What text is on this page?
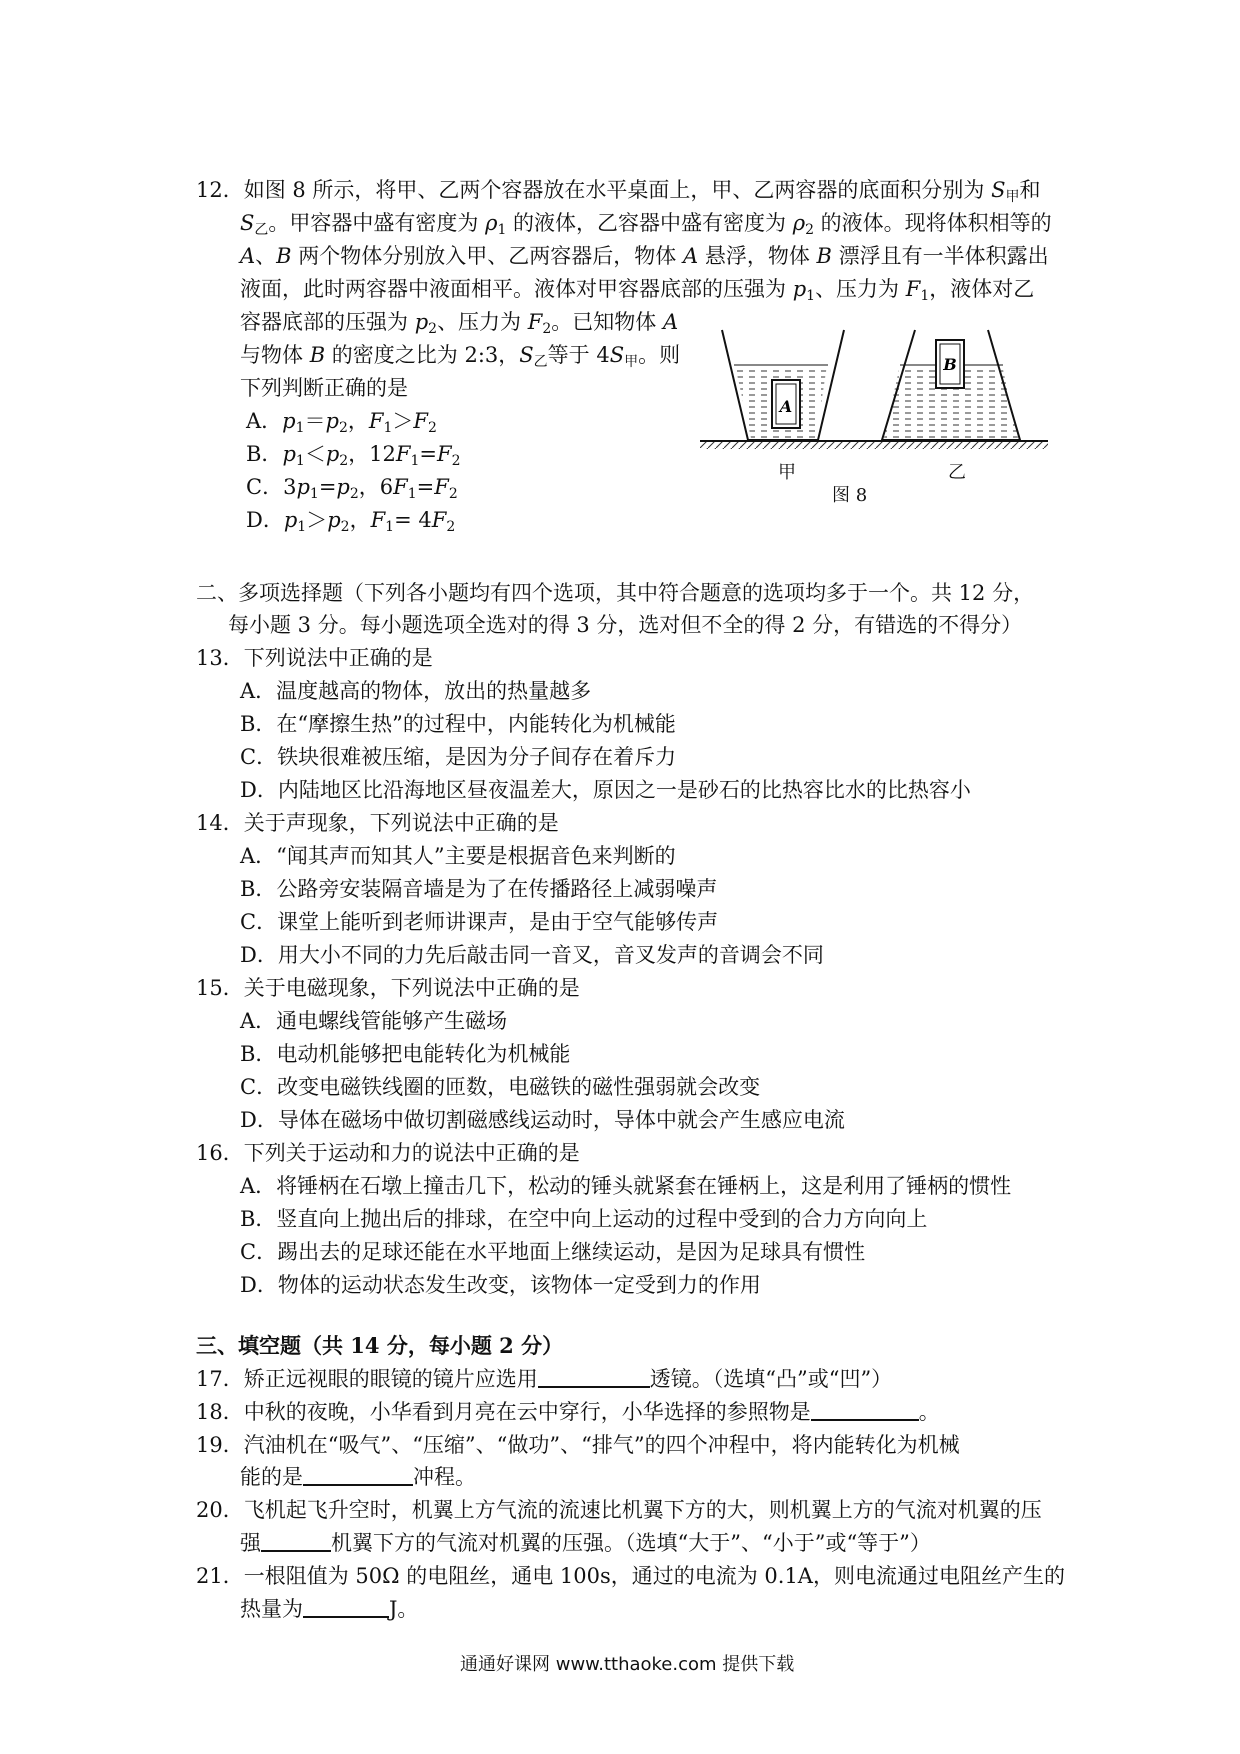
12．如图 8 所示，将甲、乙两个容器放在水平桌面上，甲、乙两容器的底面积分别为 $S_甲$和
$S_乙$。甲容器中盛有密度为 $\rho_1$ 的液体，乙容器中盛有密度为 $\rho_2$ 的液体。现将体积相等的
A、B 两个物体分别放入甲、乙两容器后，物体 A 悬浮，物体 B 漂浮且有一半体积露出
液面，此时两容器中液面相平。液体对甲容器底部的压强为 $p_1$、压力为 $F_1$，液体对乙
容器底部的压强为 $p_2$、压力为 $F_2$。已知物体 A
与物体 B 的密度之比为 2:3，$S_乙$等于 $4S_甲$。则
下列判断正确的是
A．$p_1=p_2$，$F_1>F_2$
B．$p_1<p_2$，$12F_1=F_2$
C．$3p_1=p_2$，$6F_1=F_2$
D．$p_1>p_2$，$F_1= 4F_2$
A
B
甲	乙
图 8
二、多项选择题（下列各小题均有四个选项，其中符合题意的选项均多于一个。共 12 分，
每小题 3 分。每小题选项全选对的得 3 分，选对但不全的得 2 分，有错选的不得分）
13．下列说法中正确的是
A．温度越高的物体，放出的热量越多
B．在“摩擦生热”的过程中，内能转化为机械能
C．铁块很难被压缩，是因为分子间存在着斥力
D．内陆地区比沿海地区昼夜温差大，原因之一是砂石的比热容比水的比热容小
14．关于声现象，下列说法中正确的是
A．“闻其声而知其人”主要是根据音色来判断的
B．公路旁安装隔音墙是为了在传播路径上减弱噪声
C．课堂上能听到老师讲课声，是由于空气能够传声
D．用大小不同的力先后敲击同一音叉，音叉发声的音调会不同
15．关于电磁现象，下列说法中正确的是
A．通电螺线管能够产生磁场
B．电动机能够把电能转化为机械能
C．改变电磁铁线圈的匝数，电磁铁的磁性强弱就会改变
D．导体在磁场中做切割磁感线运动时，导体中就会产生感应电流
16．下列关于运动和力的说法中正确的是
A．将锤柄在石墩上撞击几下，松动的锤头就紧套在锤柄上，这是利用了锤柄的惯性
B．竖直向上抛出后的排球，在空中向上运动的过程中受到的合力方向向上
C．踢出去的足球还能在水平地面上继续运动，是因为足球具有惯性
D．物体的运动状态发生改变，该物体一定受到力的作用
三、填空题（共 14 分，每小题 2 分）
17．矫正远视眼的眼镜的镜片应选用	透镜。（选填“凸”或“凹”）
18．中秋的夜晚，小华看到月亮在云中穿行，小华选择的参照物是	。
19．汽油机在“吸气”、“压缩”、“做功”、“排气”的四个冲程中，将内能转化为机械
能的是	冲程。
20．飞机起飞升空时，机翼上方气流的流速比机翼下方的大，则机翼上方的气流对机翼的压
强	机翼下方的气流对机翼的压强。（选填“大于”、“小于”或“等于”）
21．一根阻值为 50Ω 的电阻丝，通电 100s，通过的电流为 0.1A，则电流通过电阻丝产生的
热量为	J。
通通好课网 www.tthaoke.com 提供下载
